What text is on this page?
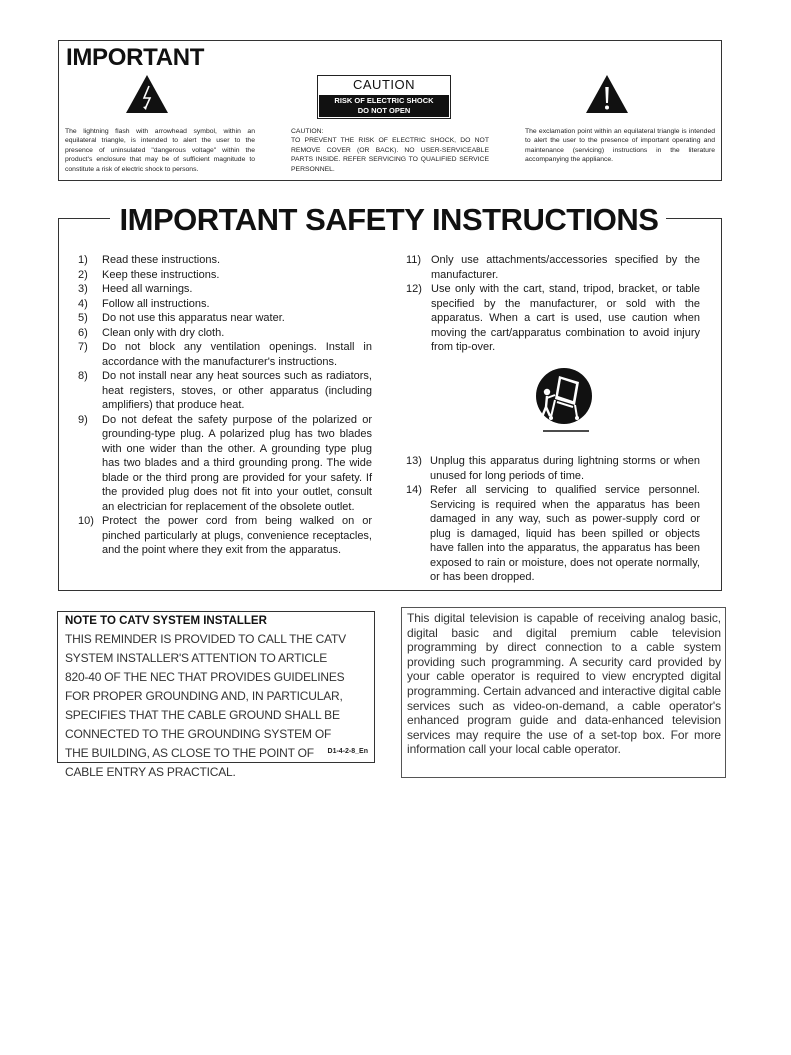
IMPORTANT
CAUTION
RISK OF ELECTRIC SHOCK
DO NOT OPEN
The lightning flash with arrowhead symbol, within an equilateral triangle, is intended to alert the user to the presence of uninsulated "dangerous voltage" within the product's enclosure that may be of sufficient magnitude to constitute a risk of electric shock to persons.
CAUTION:
TO PREVENT THE RISK OF ELECTRIC SHOCK, DO NOT REMOVE COVER (OR BACK). NO USER-SERVICEABLE PARTS INSIDE. REFER SERVICING TO QUALIFIED SERVICE PERSONNEL.
The exclamation point within an equilateral triangle is intended to alert the user to the presence of important operating and maintenance (servicing) instructions in the literature accompanying the appliance.
IMPORTANT SAFETY INSTRUCTIONS
1) Read these instructions.
2) Keep these instructions.
3) Heed all warnings.
4) Follow all instructions.
5) Do not use this apparatus near water.
6) Clean only with dry cloth.
7) Do not block any ventilation openings. Install in accordance with the manufacturer's instructions.
8) Do not install near any heat sources such as radiators, heat registers, stoves, or other apparatus (including amplifiers) that produce heat.
9) Do not defeat the safety purpose of the polarized or grounding-type plug. A polarized plug has two blades with one wider than the other. A grounding type plug has two blades and a third grounding prong. The wide blade or the third prong are provided for your safety. If the provided plug does not fit into your outlet, consult an electrician for replacement of the obsolete outlet.
10) Protect the power cord from being walked on or pinched particularly at plugs, convenience receptacles, and the point where they exit from the apparatus.
11) Only use attachments/accessories specified by the manufacturer.
12) Use only with the cart, stand, tripod, bracket, or table specified by the manufacturer, or sold with the apparatus. When a cart is used, use caution when moving the cart/apparatus combination to avoid injury from tip-over.
13) Unplug this apparatus during lightning storms or when unused for long periods of time.
14) Refer all servicing to qualified service personnel. Servicing is required when the apparatus has been damaged in any way, such as power-supply cord or plug is damaged, liquid has been spilled or objects have fallen into the apparatus, the apparatus has been exposed to rain or moisture, does not operate normally, or has been dropped.
NOTE TO CATV SYSTEM INSTALLER
THIS REMINDER IS PROVIDED TO CALL THE CATV
SYSTEM INSTALLER'S ATTENTION TO ARTICLE
820-40 OF THE NEC THAT PROVIDES GUIDELINES
FOR PROPER GROUNDING AND, IN PARTICULAR,
SPECIFIES THAT THE CABLE GROUND SHALL BE
CONNECTED TO THE GROUNDING SYSTEM OF
THE BUILDING, AS CLOSE TO THE POINT OF
CABLE ENTRY AS PRACTICAL.
D1-4-2-8_En
This digital television is capable of receiving analog basic, digital basic and digital premium cable television programming by direct connection to a cable system providing such programming. A security card provided by your cable operator is required to view encrypted digital programming. Certain advanced and interactive digital cable services such as video-on-demand, a cable operator's enhanced program guide and data-enhanced television services may require the use of a set-top box. For more information call your local cable operator.
